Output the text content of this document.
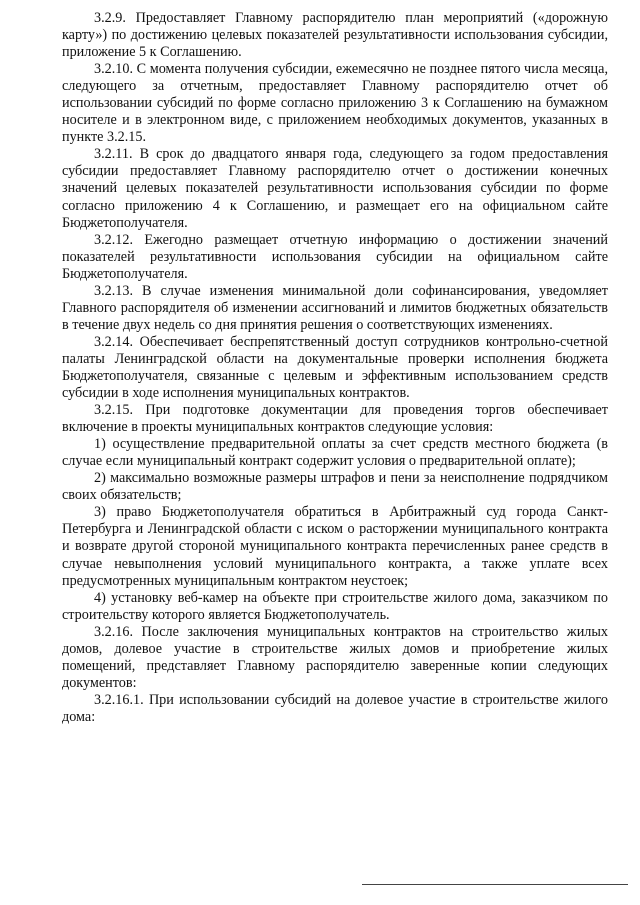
3.2.9. Предоставляет Главному распорядителю план мероприятий («дорожную карту») по достижению целевых показателей результативности использования субсидии, приложение 5 к Соглашению.

3.2.10. С момента получения субсидии, ежемесячно не позднее пятого числа месяца, следующего за отчетным, предоставляет Главному распорядителю отчет об использовании субсидий по форме согласно приложению 3 к Соглашению на бумажном носителе и в электронном виде, с приложением необходимых документов, указанных в пункте 3.2.15.

3.2.11. В срок до двадцатого января года, следующего за годом предоставления субсидии предоставляет Главному распорядителю отчет о достижении конечных значений целевых показателей результативности использования субсидии по форме согласно приложению 4 к Соглашению, и размещает его на официальном сайте Бюджетополучателя.

3.2.12. Ежегодно размещает отчетную информацию о достижении значений показателей результативности использования субсидии на официальном сайте Бюджетополучателя.

3.2.13. В случае изменения минимальной доли софинансирования, уведомляет Главного распорядителя об изменении ассигнований и лимитов бюджетных обязательств в течение двух недель со дня принятия решения о соответствующих изменениях.

3.2.14. Обеспечивает беспрепятственный доступ сотрудников контрольно-счетной палаты Ленинградской области на документальные проверки исполнения бюджета Бюджетополучателя, связанные с целевым и эффективным использованием средств субсидии в ходе исполнения муниципальных контрактов.

3.2.15. При подготовке документации для проведения торгов обеспечивает включение в проекты муниципальных контрактов следующие условия:

1) осуществление предварительной оплаты за счет средств местного бюджета (в случае если муниципальный контракт содержит условия о предварительной оплате);

2) максимально возможные размеры штрафов и пени за неисполнение подрядчиком своих обязательств;

3) право Бюджетополучателя обратиться в Арбитражный суд города Санкт-Петербурга и Ленинградской области с иском о расторжении муниципального контракта и возврате другой стороной муниципального контракта перечисленных ранее средств в случае невыполнения условий муниципального контракта, а также уплате всех предусмотренных муниципальным контрактом неустоек;

4) установку веб-камер на объекте при строительстве жилого дома, заказчиком по строительству которого является Бюджетополучатель.

3.2.16. После заключения муниципальных контрактов на строительство жилых домов, долевое участие в строительстве жилых домов и приобретение жилых помещений, представляет Главному распорядителю заверенные копии следующих документов:

3.2.16.1. При использовании субсидий на долевое участие в строительстве жилого дома:
